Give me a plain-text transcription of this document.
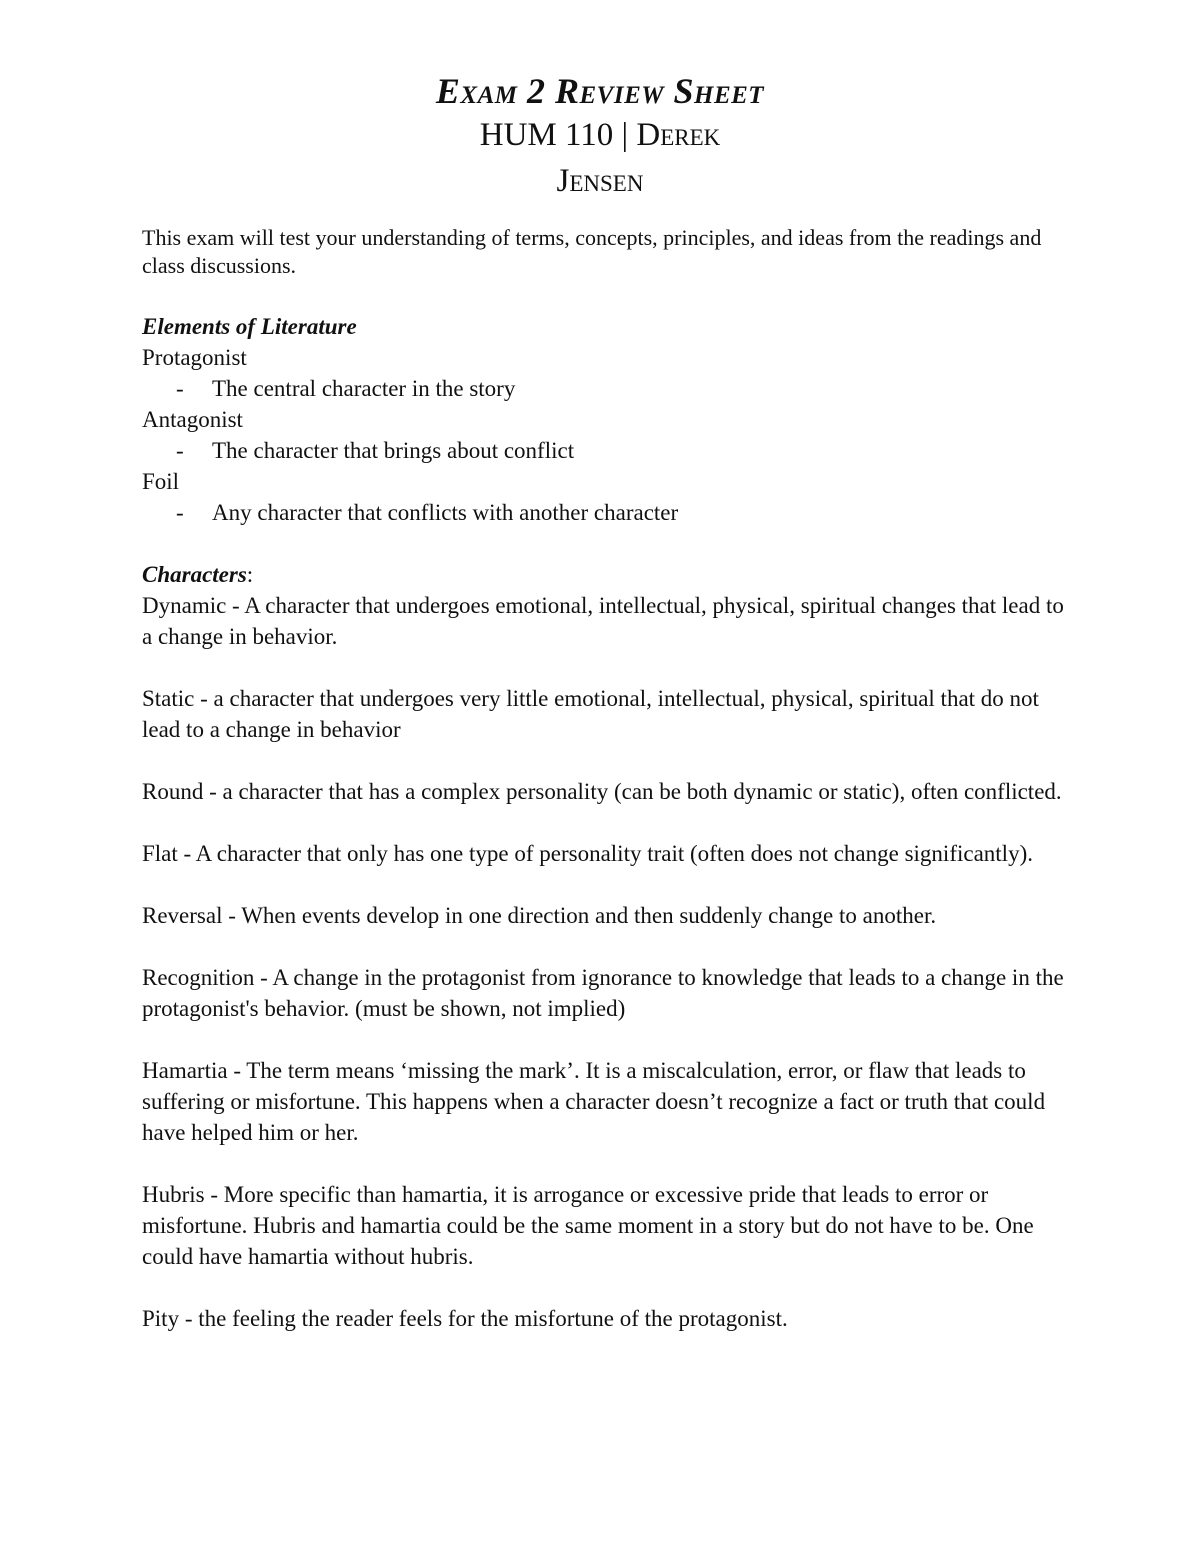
Exam 2 Review Sheet

HUM 110 | Derek
Jensen

This exam will test your understanding of terms, concepts, principles, and ideas from the readings and class discussions.

Elements of Literature

Protagonist

- The central character in the story

Antagonist

- The character that brings about conflict

Foil

- Any character that conflicts with another character

Characters:

Dynamic - A character that undergoes emotional, intellectual, physical, spiritual changes that lead to a change in behavior.

Static - a character that undergoes very little emotional, intellectual, physical, spiritual that do not lead to a change in behavior

Round - a character that has a complex personality (can be both dynamic or static), often conflicted.

Flat - A character that only has one type of personality trait (often does not change significantly).

Reversal - When events develop in one direction and then suddenly change to another.

Recognition - A change in the protagonist from ignorance to knowledge that leads to a change in the protagonist's behavior. (must be shown, not implied)

Hamartia - The term means ‘missing the mark’. It is a miscalculation, error, or flaw that leads to suffering or misfortune. This happens when a character doesn’t recognize a fact or truth that could have helped him or her.

Hubris - More specific than hamartia, it is arrogance or excessive pride that leads to error or misfortune. Hubris and hamartia could be the same moment in a story but do not have to be. One could have hamartia without hubris.

Pity - the feeling the reader feels for the misfortune of the protagonist.
